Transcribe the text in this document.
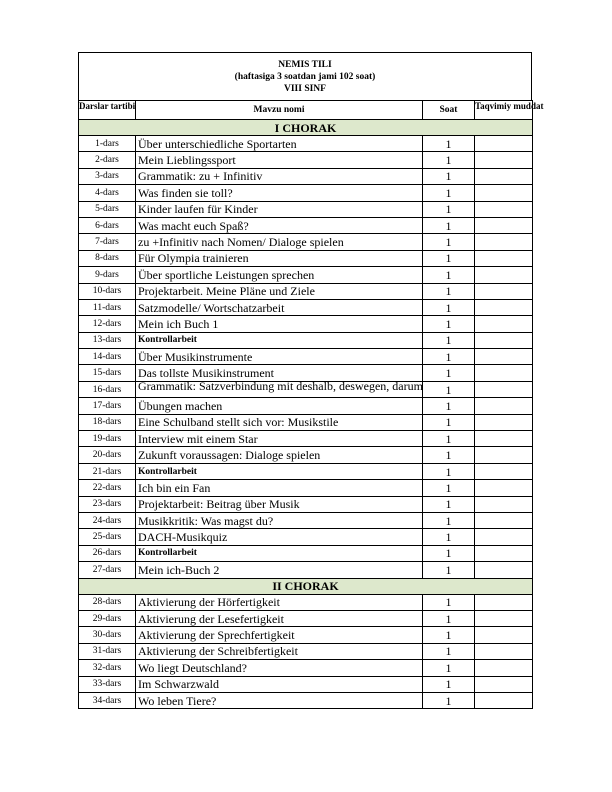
NEMIS TILI
(haftasiga 3 soatdan jami 102 soat)
VIII SINF
Darslar tartibi	Mavzu nomi	Soat	Taqvimiy muddat

I CHORAK			
1-dars	Über unterschiedliche Sportarten	1	
2-dars	Mein Lieblingssport	1	
3-dars	Grammatik: zu + Infinitiv	1	
4-dars	Was finden sie toll?	1	
5-dars	Kinder laufen für Kinder	1	
6-dars	Was macht euch Spaß?	1	
7-dars	zu +Infinitiv nach Nomen/ Dialoge spielen	1	
8-dars	Für Olympia trainieren	1	
9-dars	Über sportliche Leistungen sprechen	1	
10-dars	Projektarbeit. Meine Pläne und Ziele	1	
11-dars	Satzmodelle/ Wortschatzarbeit	1	
12-dars	Mein ich Buch 1	1	
13-dars	Kontrollarbeit	1	
14-dars	Über Musikinstrumente	1	
15-dars	Das tollste Musikinstrument	1	
16-dars	Grammatik: Satzverbindung mit deshalb, deswegen, darum	1	
17-dars	Übungen machen	1	
18-dars	Eine Schulband stellt sich vor: Musikstile	1	
19-dars	Interview mit einem Star	1	
20-dars	Zukunft voraussagen: Dialoge spielen	1	
21-dars	Kontrollarbeit	1	
22-dars	Ich bin ein Fan	1	
23-dars	Projektarbeit: Beitrag über Musik	1	
24-dars	Musikkritik: Was magst du?	1	
25-dars	DACH-Musikquiz	1	
26-dars	Kontrollarbeit	1	
27-dars	Mein ich-Buch 2	1	
II CHORAK			
28-dars	Aktivierung der Hörfertigkeit	1	
29-dars	Aktivierung der Lesefertigkeit	1	
30-dars	Aktivierung der Sprechfertigkeit	1	
31-dars	Aktivierung der Schreibfertigkeit	1	
32-dars	Wo liegt Deutschland?	1	
33-dars	Im Schwarzwald	1	
34-dars	Wo leben Tiere?	1	
